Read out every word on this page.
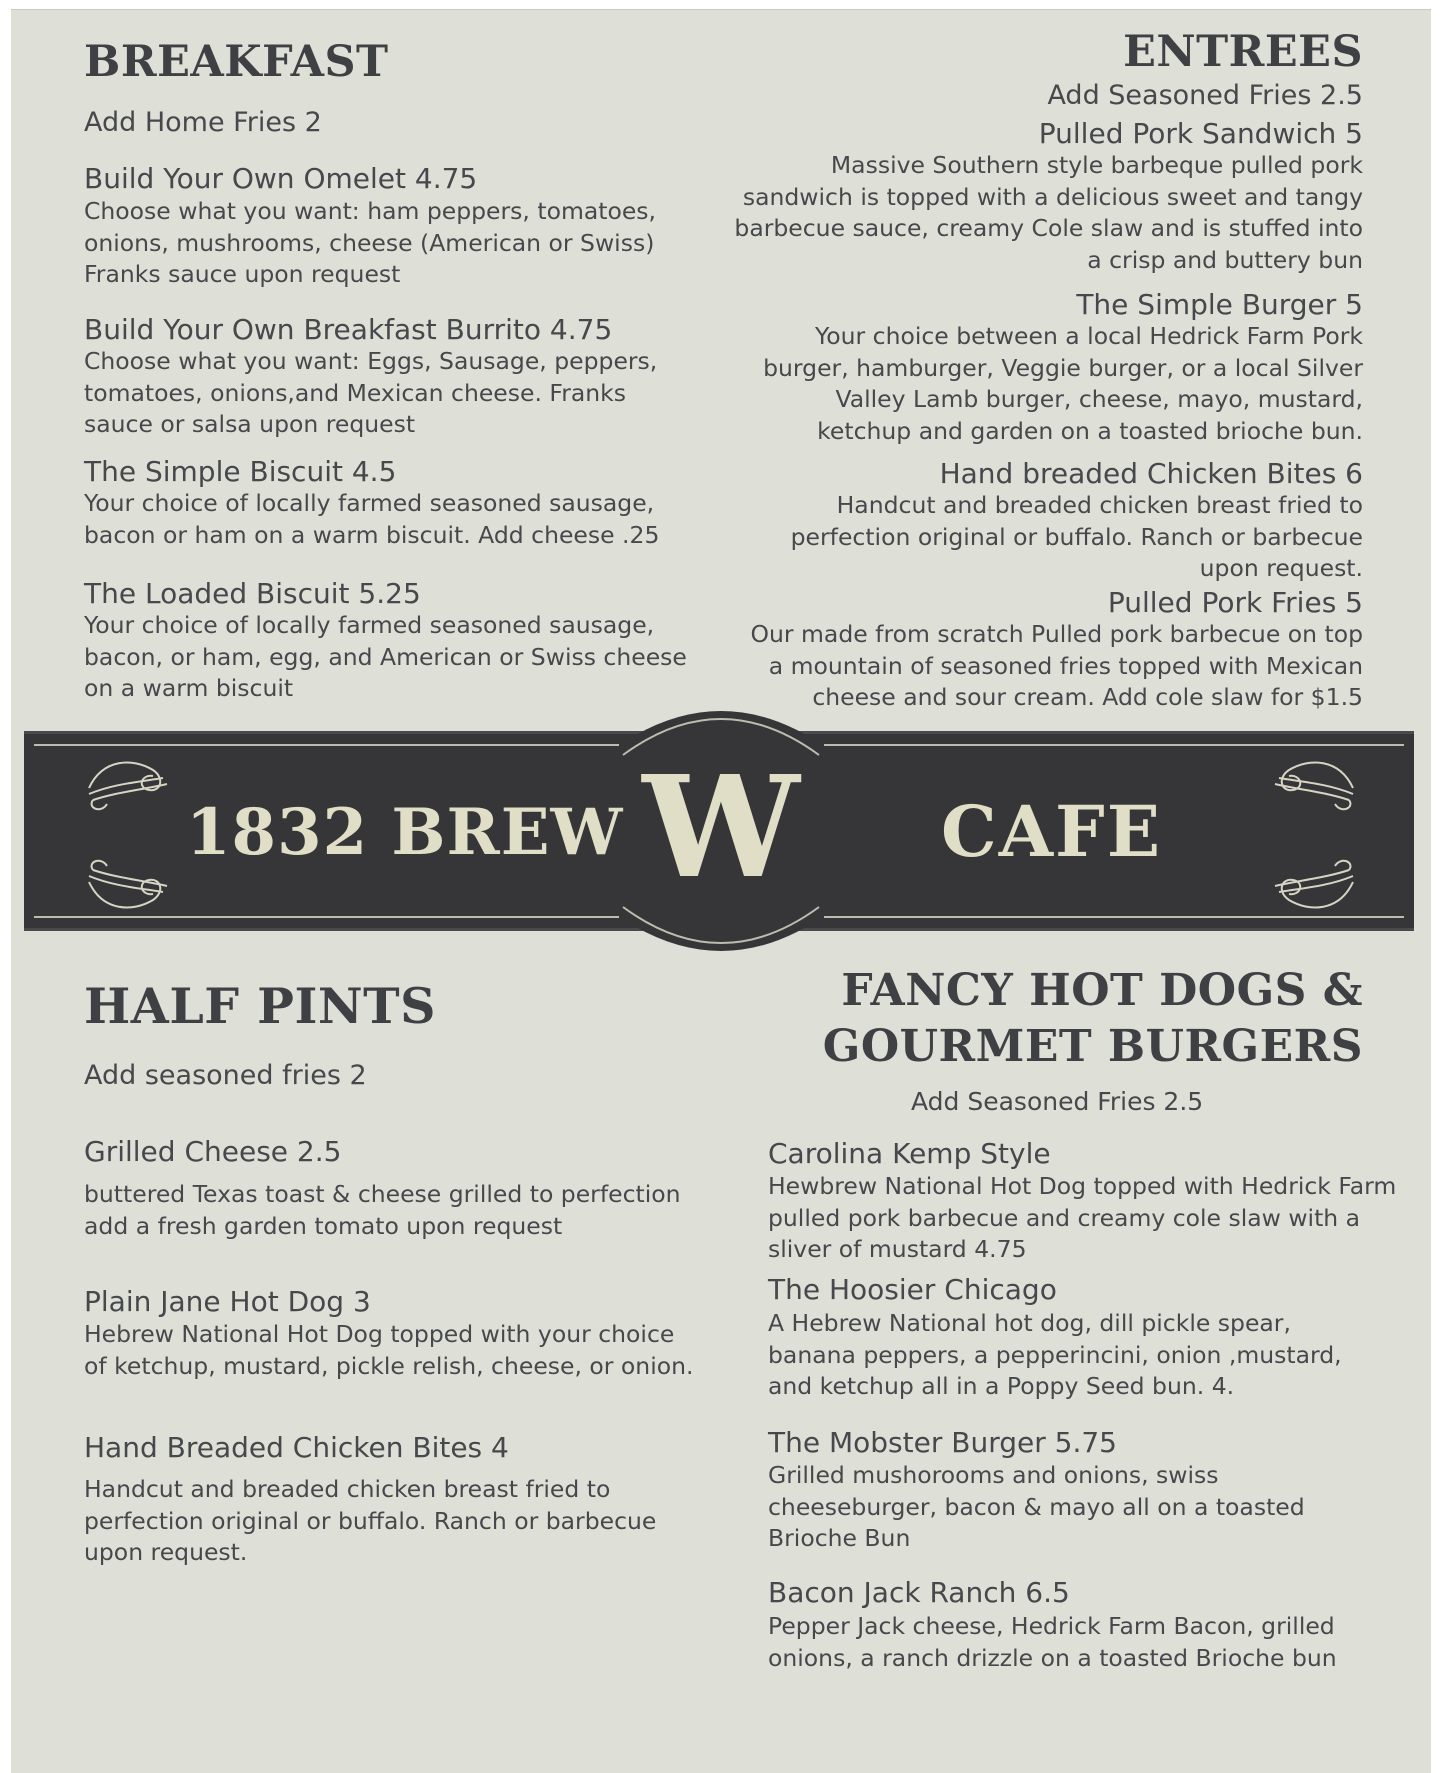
BREAKFAST
Add Home Fries 2
Build Your Own Omelet 4.75
Choose what you want: ham peppers, tomatoes,
onions, mushrooms, cheese (American or Swiss)
Franks sauce upon request
Build Your Own Breakfast Burrito 4.75
Choose what you want: Eggs, Sausage, peppers,
tomatoes, onions,and Mexican cheese. Franks
sauce or salsa upon request
The Simple Biscuit 4.5
Your choice of locally farmed seasoned sausage,
bacon or ham on a warm biscuit. Add cheese .25
The Loaded Biscuit 5.25
Your choice of locally farmed seasoned sausage,
bacon, or ham, egg, and American or Swiss cheese
on a warm biscuit
ENTREES
Add Seasoned Fries 2.5
Pulled Pork Sandwich 5
Massive Southern style barbeque pulled pork
sandwich is topped with a delicious sweet and tangy
barbecue sauce, creamy Cole slaw and is stuffed into
a crisp and buttery bun
The Simple Burger 5
Your choice between a local Hedrick Farm Pork
burger, hamburger, Veggie burger, or a local Silver
Valley Lamb burger, cheese, mayo, mustard,
ketchup and garden on a toasted brioche bun.
Hand breaded Chicken Bites 6
Handcut and breaded chicken breast fried to
perfection original or buffalo. Ranch or barbecue
upon request.
Pulled Pork Fries 5
Our made from scratch Pulled pork barbecue on top
a mountain of seasoned fries topped with Mexican
cheese and sour cream. Add cole slaw for $1.5
1832 BREW W	CAFE
HALF PINTS
Add seasoned fries 2
Grilled Cheese 2.5
buttered Texas toast & cheese grilled to perfection
add a fresh garden tomato upon request
Plain Jane Hot Dog 3
Hebrew National Hot Dog topped with your choice
of ketchup, mustard, pickle relish, cheese, or onion.
Hand Breaded Chicken Bites 4
Handcut and breaded chicken breast fried to
perfection original or buffalo. Ranch or barbecue
upon request.
FANCY HOT DOGS &
GOURMET BURGERS
Add Seasoned Fries 2.5
Carolina Kemp Style
Hewbrew National Hot Dog topped with Hedrick Farm
pulled pork barbecue and creamy cole slaw with a
sliver of mustard 4.75
The Hoosier Chicago
A Hebrew National hot dog, dill pickle spear,
banana peppers, a pepperincini, onion ,mustard,
and ketchup all in a Poppy Seed bun. 4.
The Mobster Burger 5.75
Grilled mushorooms and onions, swiss
cheeseburger, bacon & mayo all on a toasted
Brioche Bun
Bacon Jack Ranch 6.5
Pepper Jack cheese, Hedrick Farm Bacon, grilled
onions, a ranch drizzle on a toasted Brioche bun
